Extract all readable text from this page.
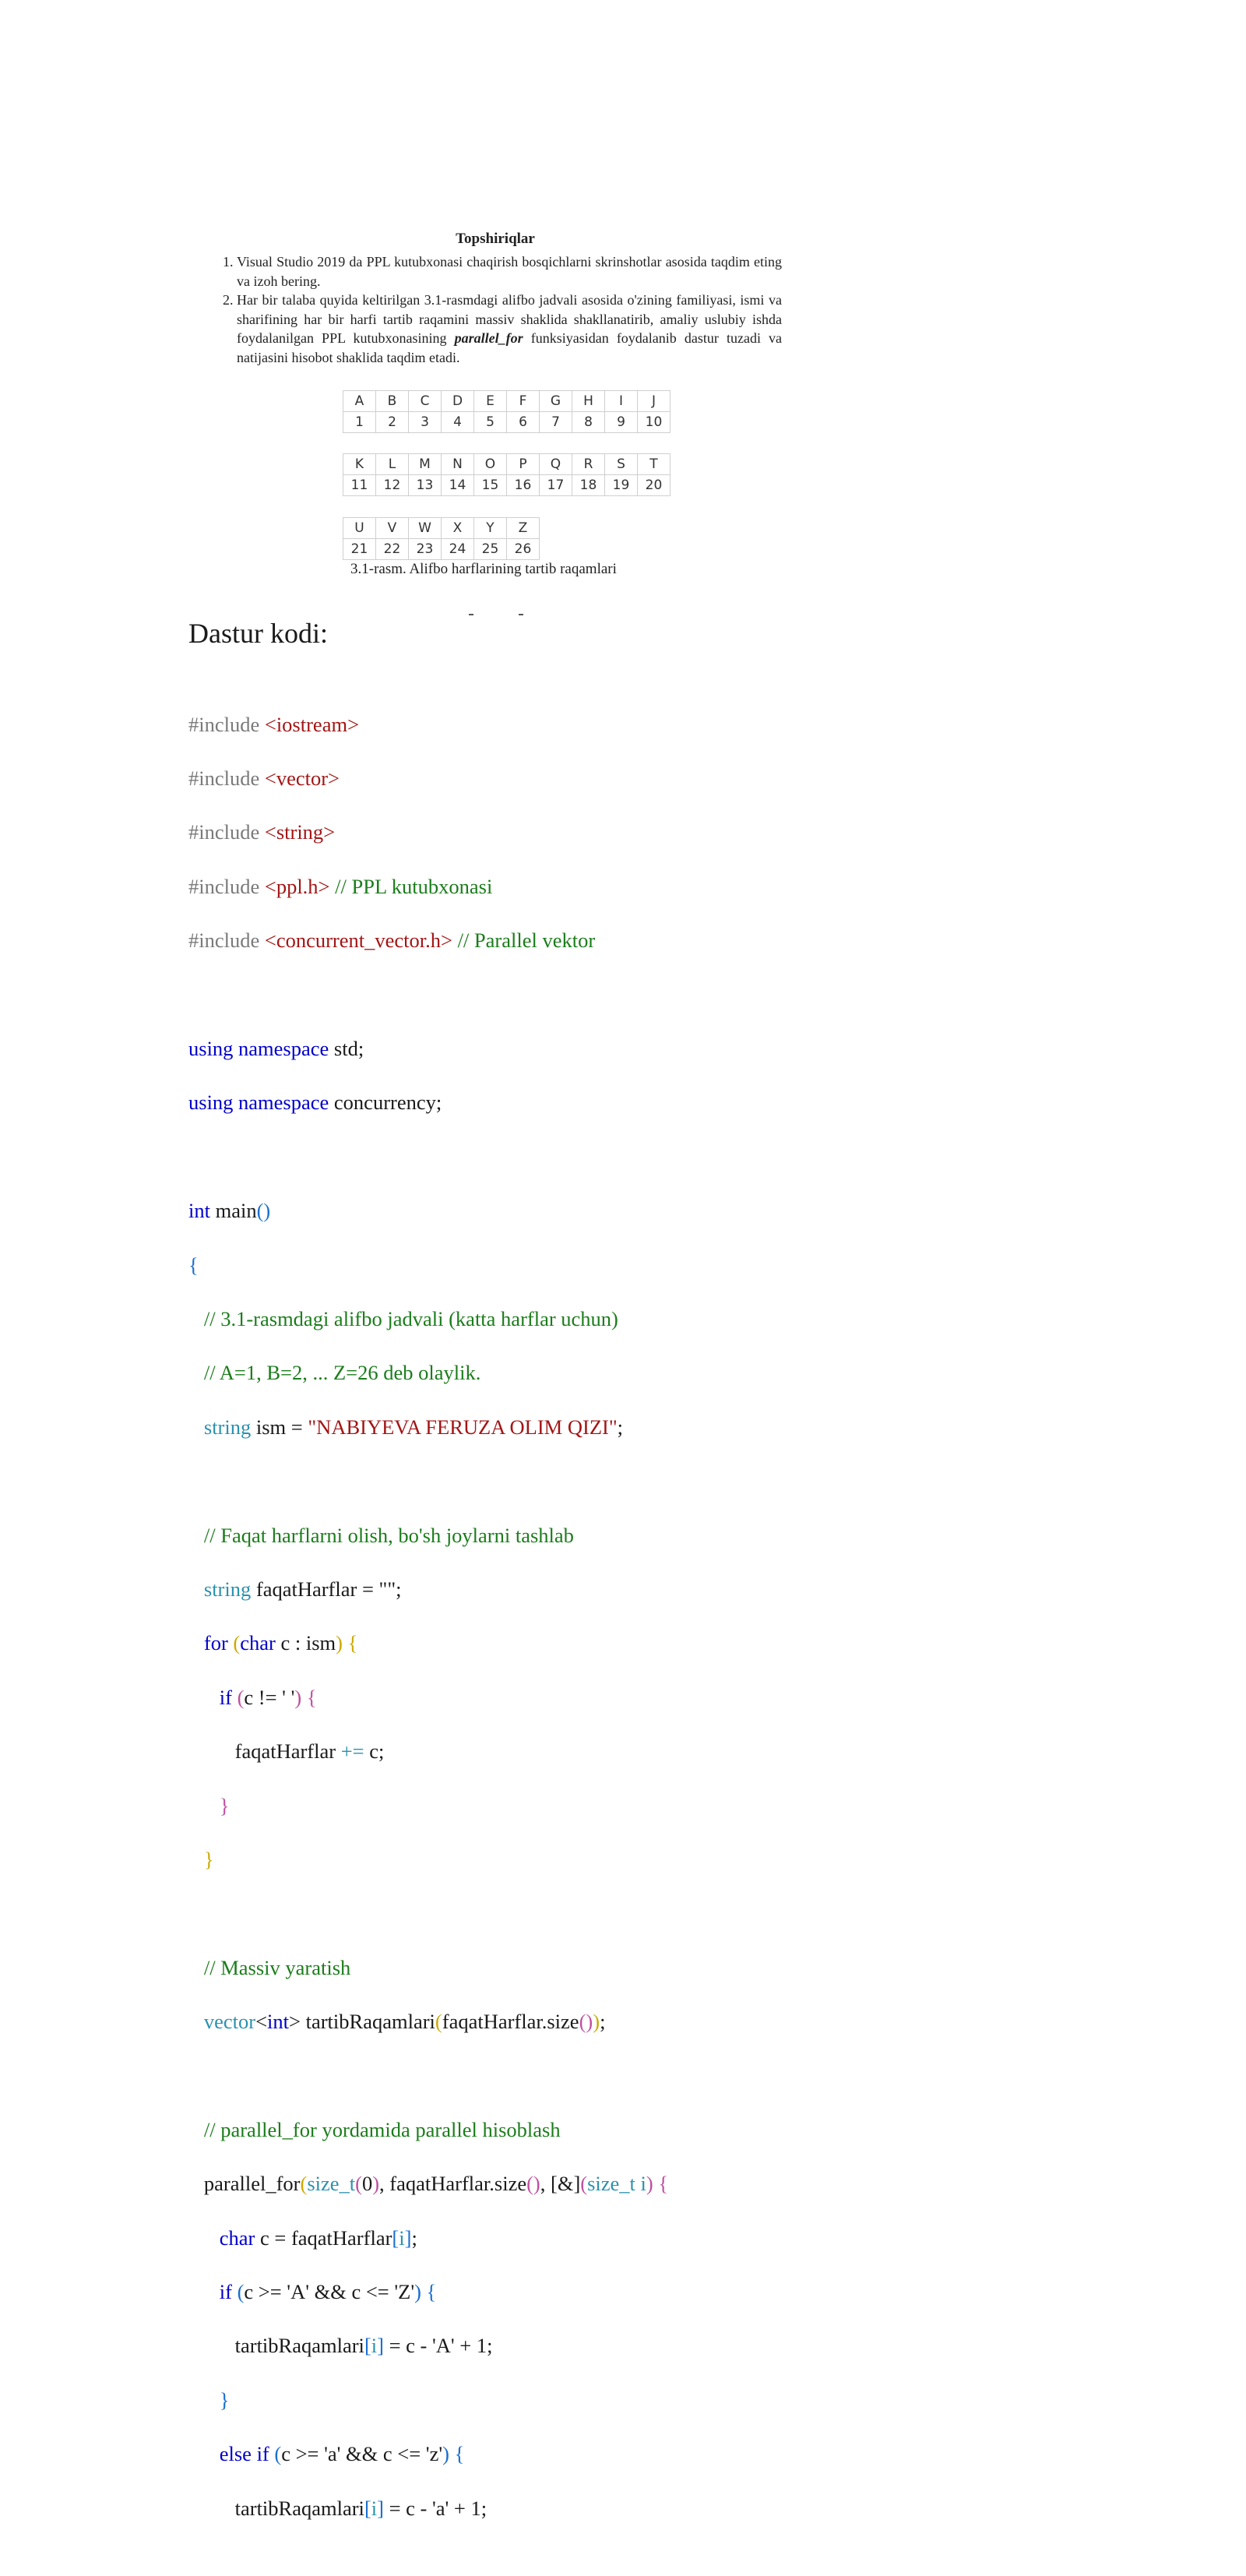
Topshiriqlar
1. Visual Studio 2019 da PPL kutubxonasi chaqirish bosqichlarni skrinshotlar asosida taqdim eting va izoh bering.
2. Har bir talaba quyida keltirilgan 3.1-rasmdagi alifbo jadvali asosida o'zining familiyasi, ismi va sharifining har bir harfi tartib raqamini massiv shaklida shakllanatirib, amaliy uslubiy ishda foydalanilgan PPL kutubxonasining parallel_for funksiyasidan foydalanib dastur tuzadi va natijasini hisobot shaklida taqdim etadi.
A	B	C	D	E	F	G	H	I	J
1	2	3	4	5	6	7	8	9	10
K	L	M	N	O	P	Q	R	S	T
11	12	13	14	15	16	17	18	19	20
U	V	W	X	Y	Z
21	22	23	24	25	26
3.1-rasm. Alifbo harflarining tartib raqamlari
Dastur kodi:

#include <iostream>

#include <vector>

#include <string>

#include <ppl.h> // PPL kutubxonasi

#include <concurrent_vector.h> // Parallel vektor

using namespace std;

using namespace concurrency;

int main()

{

// 3.1-rasmdagi alifbo jadvali (katta harflar uchun)

// A=1, B=2, ... Z=26 deb olaylik.

string ism = "NABIYEVA FERUZA OLIM QIZI";

// Faqat harflarni olish, bo'sh joylarni tashlab

string faqatHarflar = "";

for (char c : ism) {

if (c != ' ') {

faqatHarflar += c;

}

}

// Massiv yaratish

vector<int> tartibRaqamlari(faqatHarflar.size());

// parallel_for yordamida parallel hisoblash

parallel_for(size_t(0), faqatHarflar.size(), [&](size_t i) {

char c = faqatHarflar[i];

if (c >= 'A' && c <= 'Z') {

tartibRaqamlari[i] = c - 'A' + 1;

}

else if (c >= 'a' && c <= 'z') {

tartibRaqamlari[i] = c - 'a' + 1;
